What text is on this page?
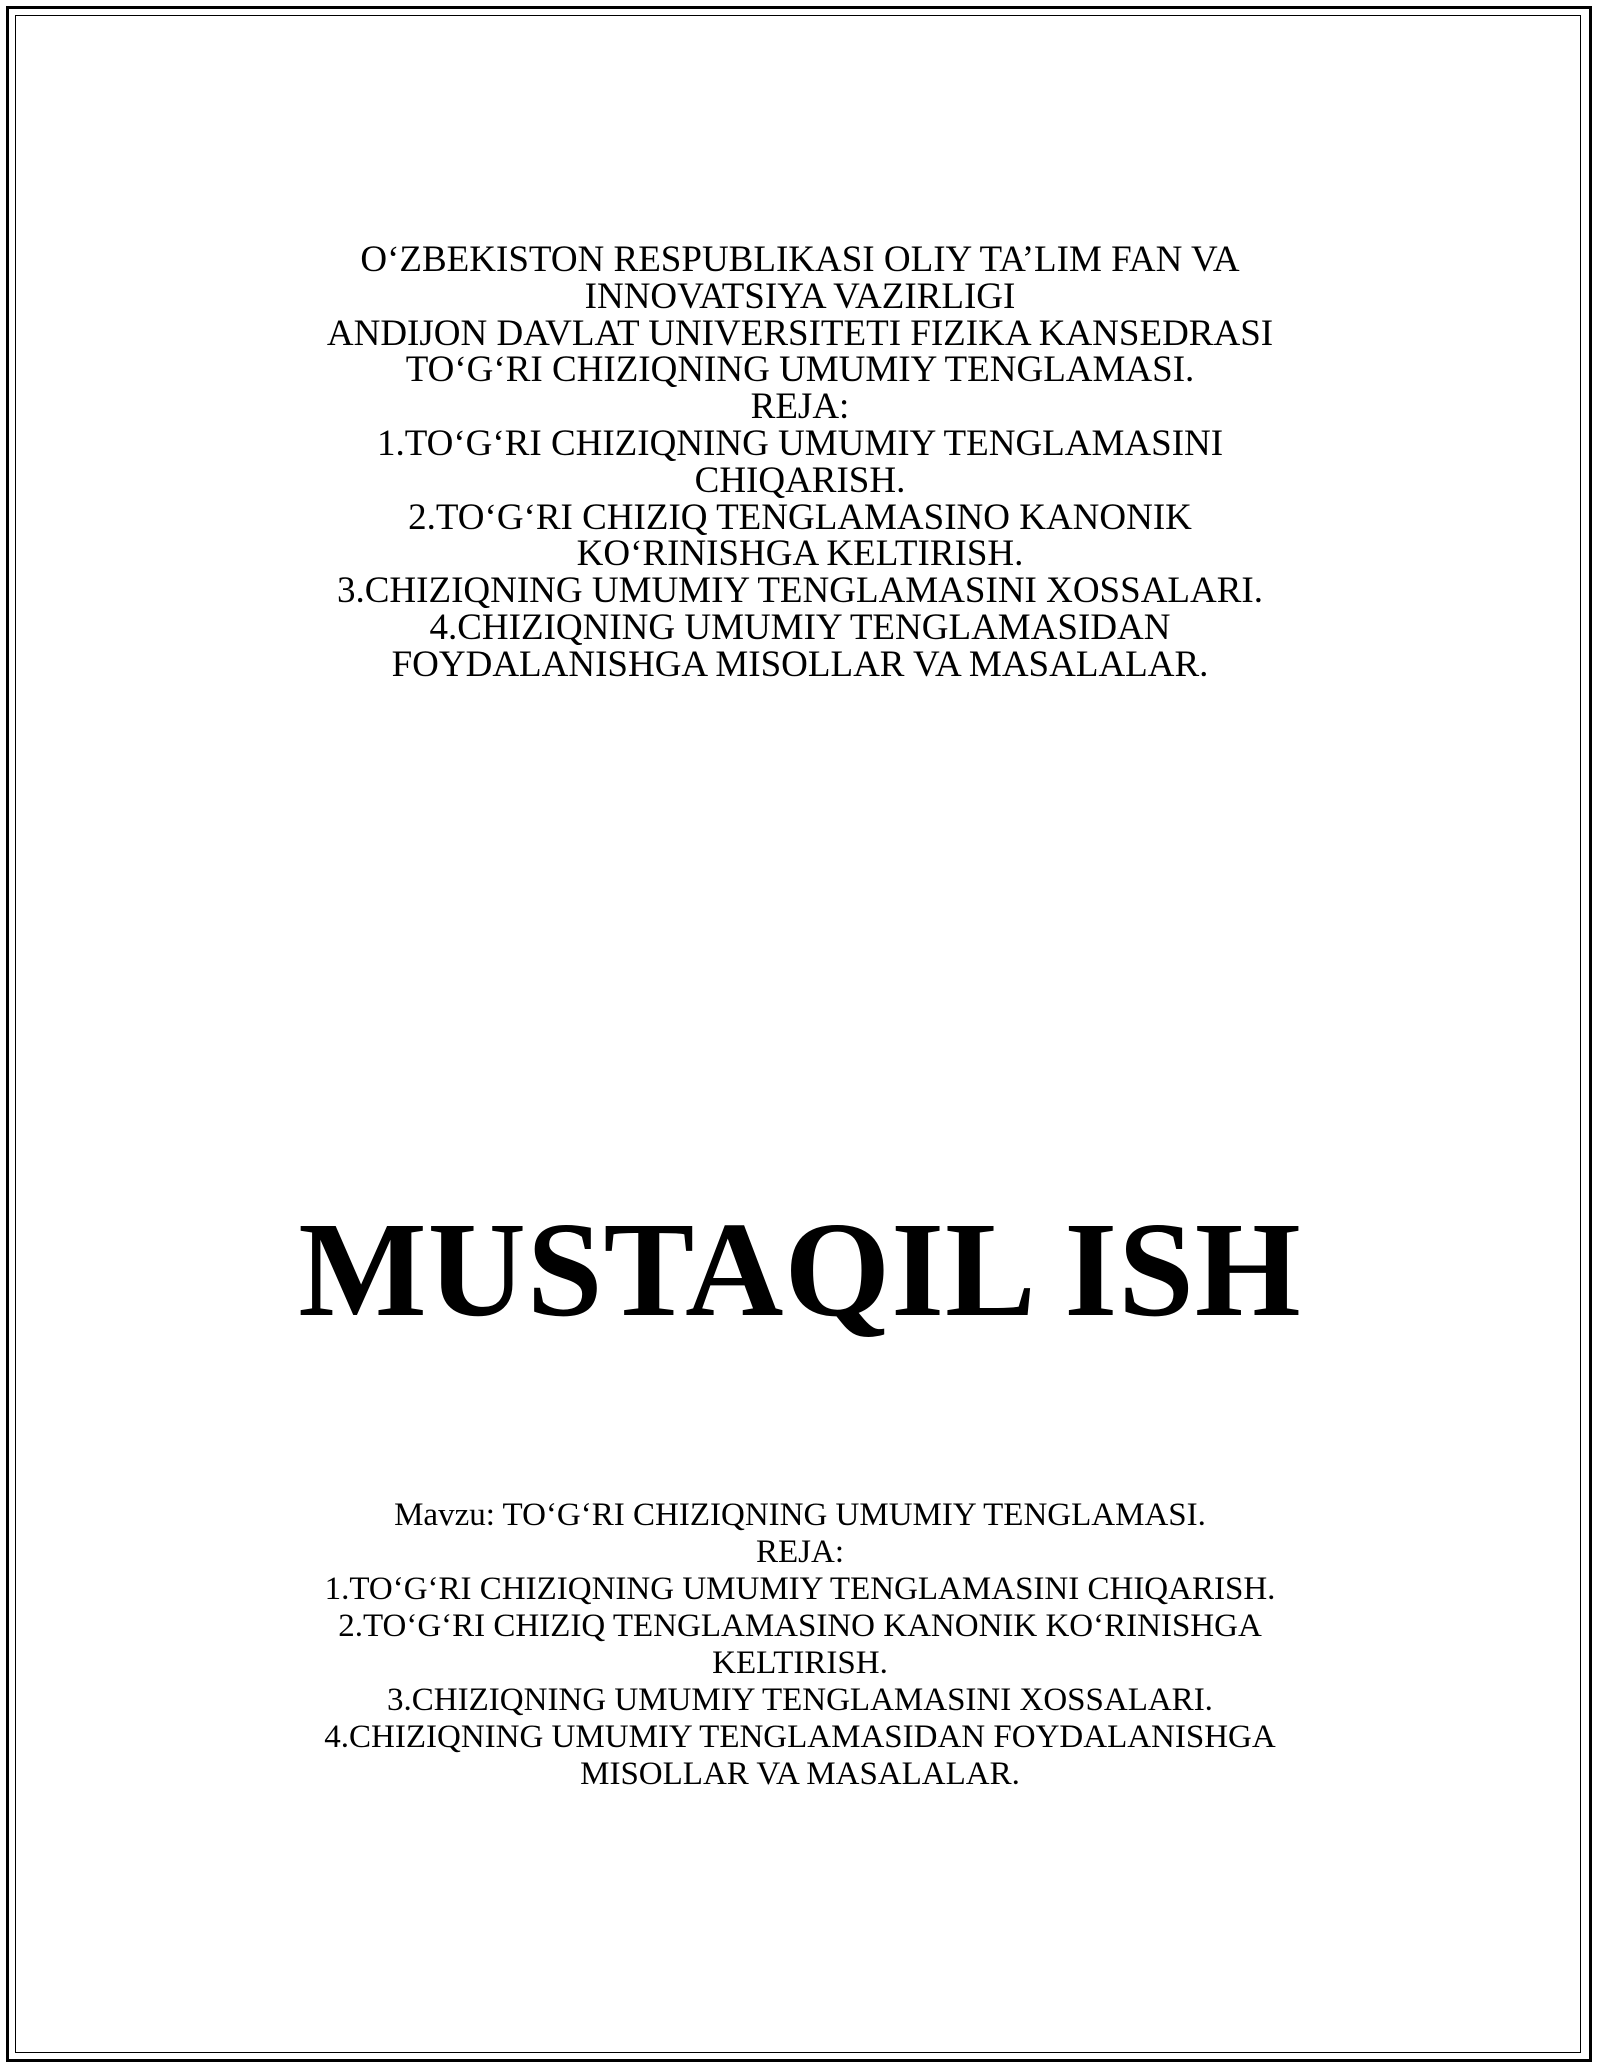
O‘ZBEKISTON RESPUBLIKASI OLIY TA’LIM FAN VA
INNOVATSIYA VAZIRLIGI
ANDIJON DAVLAT UNIVERSITETI FIZIKA KANSEDRASI
TO‘G‘RI CHIZIQNING UMUMIY TENGLAMASI.
REJA:
1.TO‘G‘RI CHIZIQNING UMUMIY TENGLAMASINI
CHIQARISH.
2.TO‘G‘RI CHIZIQ TENGLAMASINO KANONIK
KO‘RINISHGA KELTIRISH.
3.CHIZIQNING UMUMIY TENGLAMASINI XOSSALARI.
4.CHIZIQNING UMUMIY TENGLAMASIDAN
FOYDALANISHGA MISOLLAR VA MASALALAR.
MUSTAQIL ISH
Mavzu: TO‘G‘RI CHIZIQNING UMUMIY TENGLAMASI.
REJA:
1.TO‘G‘RI CHIZIQNING UMUMIY TENGLAMASINI CHIQARISH.
2.TO‘G‘RI CHIZIQ TENGLAMASINO KANONIK KO‘RINISHGA
KELTIRISH.
3.CHIZIQNING UMUMIY TENGLAMASINI XOSSALARI.
4.CHIZIQNING UMUMIY TENGLAMASIDAN FOYDALANISHGA
MISOLLAR VA MASALALAR.
